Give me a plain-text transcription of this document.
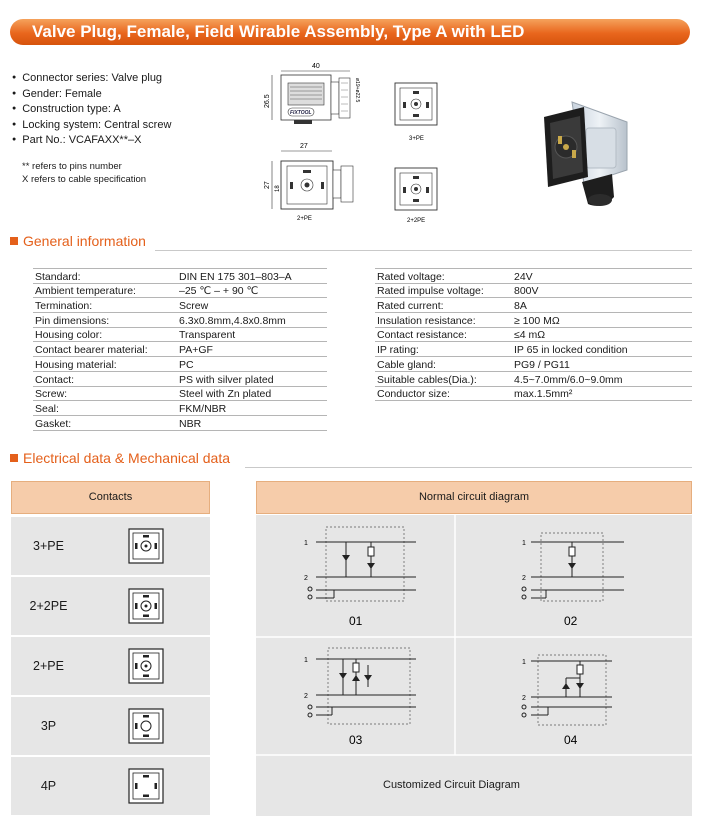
Valve Plug, Female, Field Wirable Assembly, Type A with LED
● Connector series: Valve plug
● Gender: Female
● Construction type: A
● Locking system: Central screw
● Part No.: VCAFAXX**–X
** refers to pins number
X refers to cable specification
40
FIXTOOL
ø19+ø22.5
26.5
3+PE
27
2+PE
27 18
2+2PE
General information
Standard:	DIN EN 175 301–803–A
Ambient temperature:	–25 ℃ – + 90 ℃
Termination:	Screw
Pin dimensions:	6.3x0.8mm,4.8x0.8mm
Housing color:	Transparent
Contact bearer material:	PA+GF
Housing material:	PC
Contact:	PS with silver plated
Screw:	Steel with Zn plated
Seal:	FKM/NBR
Gasket:	NBR
Rated voltage:	24V
Rated impulse voltage:	800V
Rated current:	8A
Insulation resistance:	≥ 100 MΩ
Contact resistance:	≤4 mΩ
IP rating:	IP 65 in locked condition
Cable gland:	PG9 / PG11
Suitable cables(Dia.):	4.5~7.0mm/6.0~9.0mm
Conductor size:	max.1.5mm²
Electrical data & Mechanical data
Contacts	Normal circuit diagram
3+PE
2+2PE
2+PE
3P
4P
1
2
01
1
2
02
1
2
03
1
2
04
Customized Circuit Diagram
